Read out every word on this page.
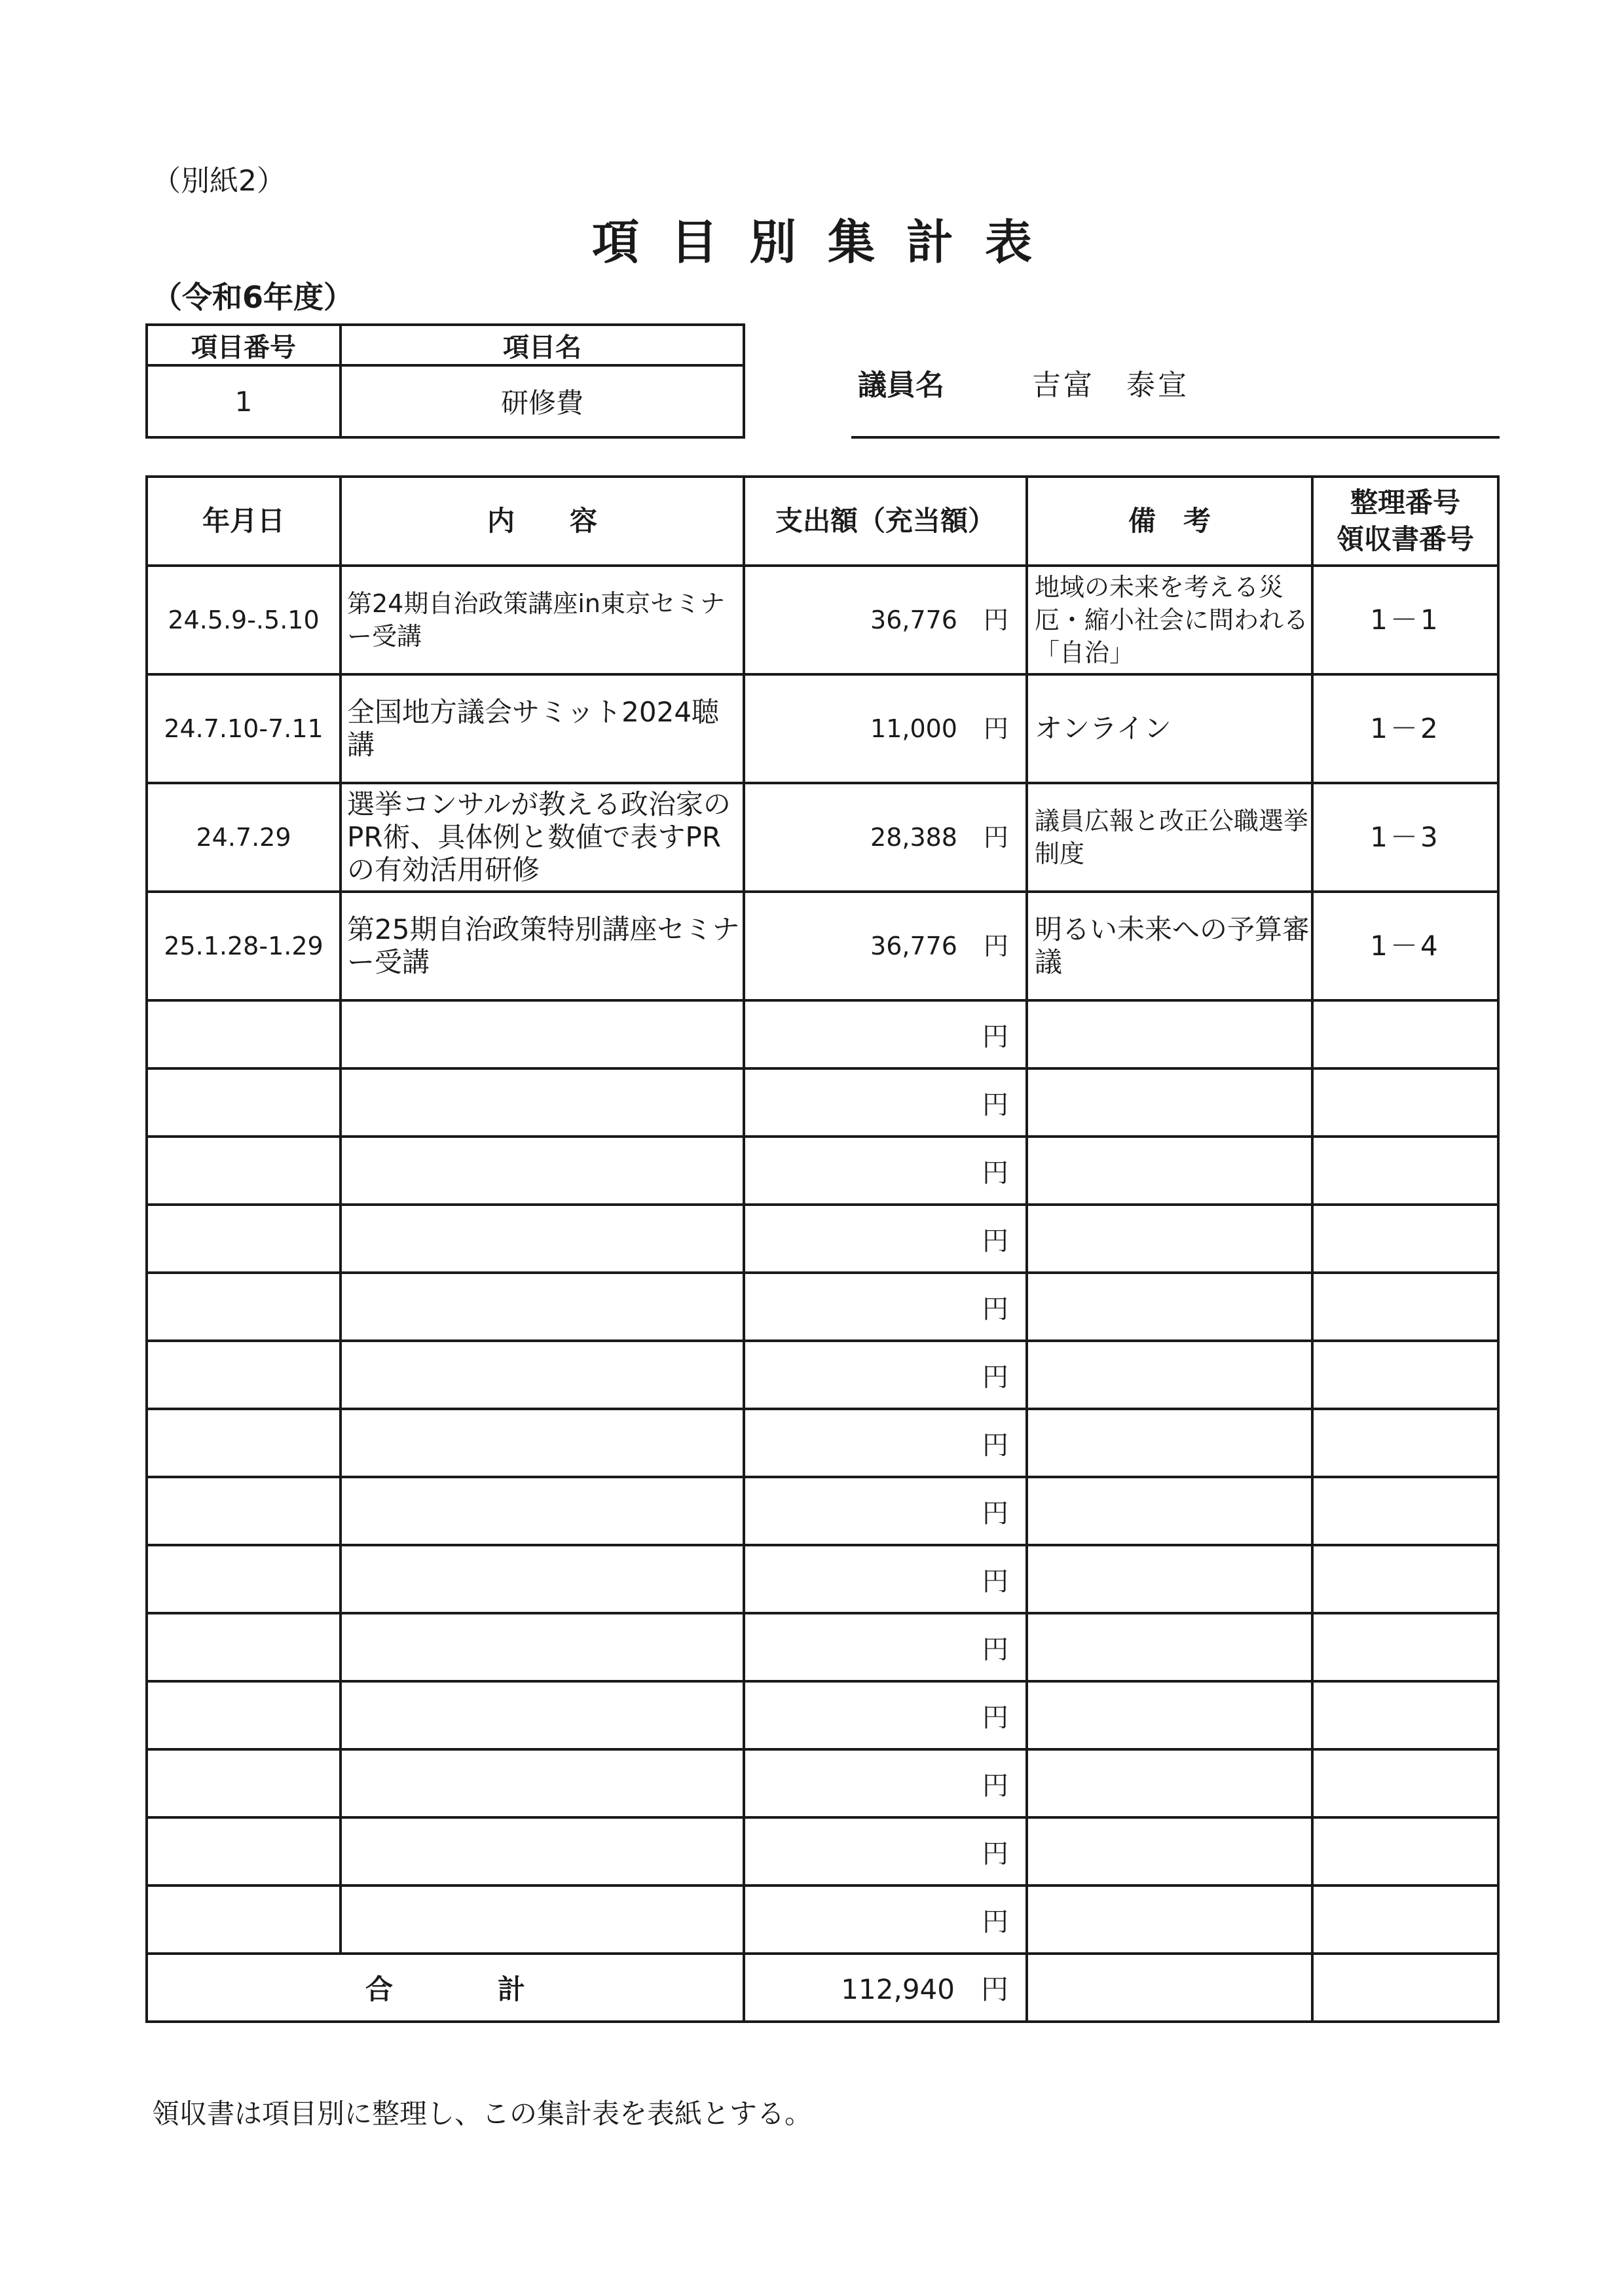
（別紙2）
項目別集計表
（令和6年度）
項目番号	項目名
1	研修費
議員名	吉富　泰宣
年月日	内　　容	支出額（充当額）	備　考	整理番号
領収書番号

24.5.9-.5.10	第24期自治政策講座in東京セミナー受講	36,776 円	地域の未来を考える災厄・縮小社会に問われる「自治」	1－1
24.7.10-7.11	全国地方議会サミット2024聴講	11,000 円	オンライン	1－2
24.7.29	選挙コンサルが教える政治家のPR術、具体例と数値で表すPRの有効活用研修	28,388 円	議員広報と改正公職選挙制度	1－3
25.1.28-1.29	第25期自治政策特別講座セミナー受講	36,776 円	明るい未来への予算審議	1－4
		円		
		円		
		円		
		円		
		円		
		円		
		円		
		円		
		円		
		円		
		円		
		円		
		円		
		円		
合計		112,940 円		
領収書は項目別に整理し、この集計表を表紙とする。
